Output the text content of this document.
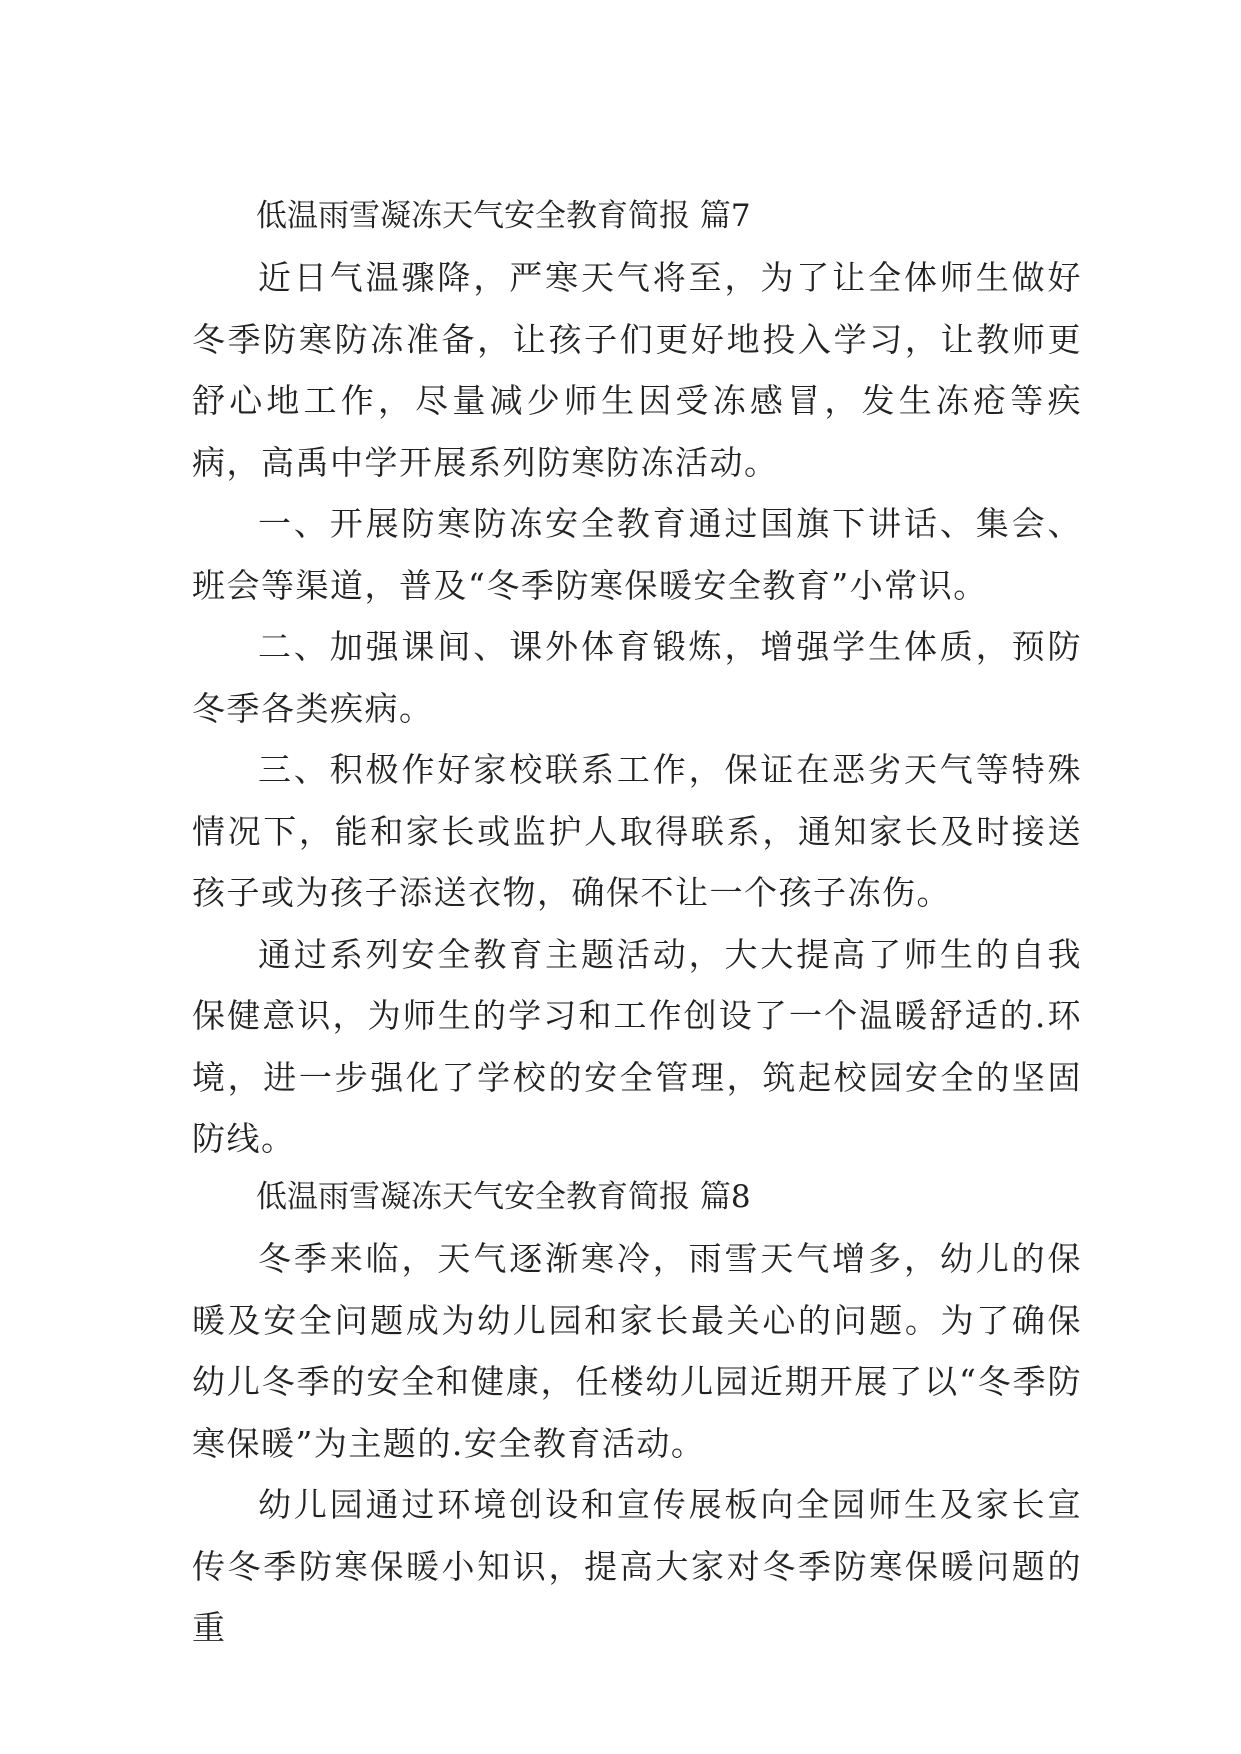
低温雨雪凝冻天气安全教育简报 篇7

近日气温骤降，严寒天气将至，为了让全体师生做好冬季防寒防冻准备，让孩子们更好地投入学习，让教师更舒心地工作，尽量减少师生因受冻感冒，发生冻疮等疾病，高禹中学开展系列防寒防冻活动。

一、开展防寒防冻安全教育通过国旗下讲话、集会、班会等渠道，普及“冬季防寒保暖安全教育”小常识。

二、加强课间、课外体育锻炼，增强学生体质，预防冬季各类疾病。

三、积极作好家校联系工作，保证在恶劣天气等特殊情况下，能和家长或监护人取得联系，通知家长及时接送孩子或为孩子添送衣物，确保不让一个孩子冻伤。

通过系列安全教育主题活动，大大提高了师生的自我保健意识，为师生的学习和工作创设了一个温暖舒适的.环境，进一步强化了学校的安全管理，筑起校园安全的坚固防线。

低温雨雪凝冻天气安全教育简报 篇8

冬季来临，天气逐渐寒冷，雨雪天气增多，幼儿的保暖及安全问题成为幼儿园和家长最关心的问题。为了确保幼儿冬季的安全和健康，任楼幼儿园近期开展了以“冬季防寒保暖”为主题的.安全教育活动。

幼儿园通过环境创设和宣传展板向全园师生及家长宣传冬季防寒保暖小知识，提高大家对冬季防寒保暖问题的重
